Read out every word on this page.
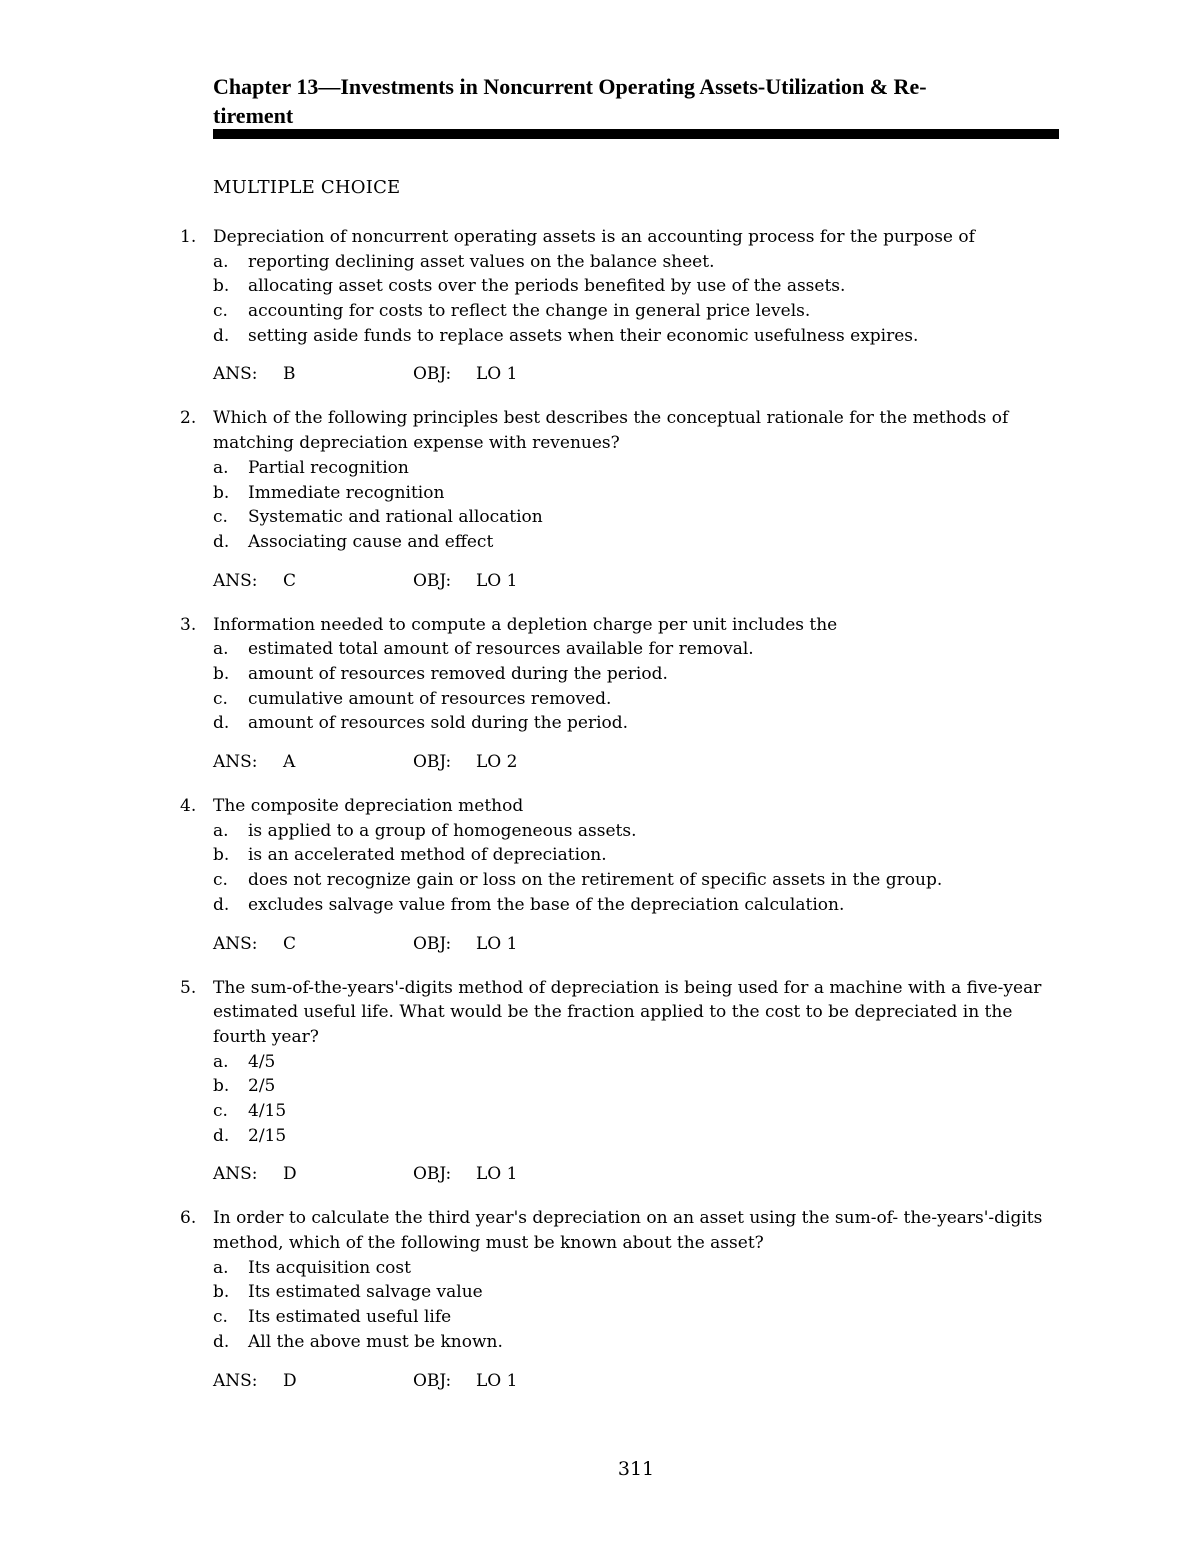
Chapter 13—Investments in Noncurrent Operating Assets-Utilization & Re-
tirement
MULTIPLE CHOICE
1. Depreciation of noncurrent operating assets is an accounting process for the purpose of
a. reporting declining asset values on the balance sheet.
b. allocating asset costs over the periods benefited by use of the assets.
c. accounting for costs to reflect the change in general price levels.
d. setting aside funds to replace assets when their economic usefulness expires.
ANS: B	OBJ: LO 1
2. Which of the following principles best describes the conceptual rationale for the methods of
matching depreciation expense with revenues?
a. Partial recognition
b. Immediate recognition
c. Systematic and rational allocation
d. Associating cause and effect
ANS: C	OBJ: LO 1
3. Information needed to compute a depletion charge per unit includes the
a. estimated total amount of resources available for removal.
b. amount of resources removed during the period.
c. cumulative amount of resources removed.
d. amount of resources sold during the period.
ANS: A	OBJ: LO 2
4. The composite depreciation method
a. is applied to a group of homogeneous assets.
b. is an accelerated method of depreciation.
c. does not recognize gain or loss on the retirement of specific assets in the group.
d. excludes salvage value from the base of the depreciation calculation.
ANS: C	OBJ: LO 1
5. The sum-of-the-years'-digits method of depreciation is being used for a machine with a five-year
estimated useful life. What would be the fraction applied to the cost to be depreciated in the
fourth year?
a. 4/5
b. 2/5
c. 4/15
d. 2/15
ANS: D	OBJ: LO 1
6. In order to calculate the third year's depreciation on an asset using the sum-of- the-years'-digits
method, which of the following must be known about the asset?
a. Its acquisition cost
b. Its estimated salvage value
c. Its estimated useful life
d. All the above must be known.
ANS: D	OBJ: LO 1
311
